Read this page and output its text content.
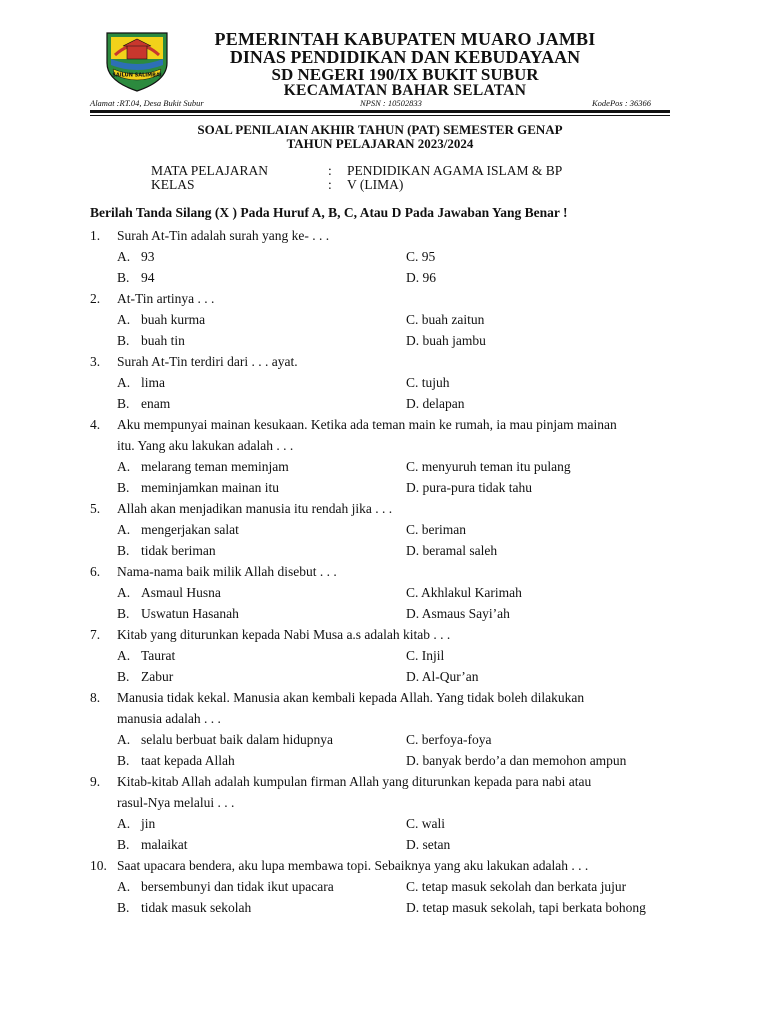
SAILUN SALIMBAI
PEMERINTAH KABUPATEN MUARO JAMBI
DINAS PENDIDIKAN DAN KEBUDAYAAN
SD NEGERI 190/IX BUKIT SUBUR
KECAMATAN BAHAR SELATAN
Alamat :RT.04, Desa Bukit Subur	NPSN : 10502833	KodePos : 36366
SOAL PENILAIAN AKHIR TAHUN (PAT) SEMESTER GENAP
TAHUN PELAJARAN 2023/2024
MATA PELAJARAN	: PENDIDIKAN AGAMA ISLAM & BP
KELAS	: V (LIMA)
Berilah Tanda Silang (X ) Pada Huruf A, B, C, Atau D Pada Jawaban Yang Benar !
1. Surah At-Tin adalah surah yang ke- . . .
A. 93	C. 95
B. 94	D. 96
2. At-Tin artinya . . .
A. buah kurma	C. buah zaitun
B. buah tin	D. buah jambu
3. Surah At-Tin terdiri dari . . . ayat.
A. lima	C. tujuh
B. enam	D. delapan
4. Aku mempunyai mainan kesukaan. Ketika ada teman main ke rumah, ia mau pinjam mainan
itu. Yang aku lakukan adalah . . .
A. melarang teman meminjam	C. menyuruh teman itu pulang
B. meminjamkan mainan itu	D. pura-pura tidak tahu
5. Allah akan menjadikan manusia itu rendah jika . . .
A. mengerjakan salat	C. beriman
B. tidak beriman	D. beramal saleh
6. Nama-nama baik milik Allah disebut . . .
A. Asmaul Husna	C. Akhlakul Karimah
B. Uswatun Hasanah	D. Asmaus Sayi’ah
7. Kitab yang diturunkan kepada Nabi Musa a.s adalah kitab . . .
A. Taurat	C. Injil
B. Zabur	D. Al-Qur’an
8. Manusia tidak kekal. Manusia akan kembali kepada Allah. Yang tidak boleh dilakukan
manusia adalah . . .
A. selalu berbuat baik dalam hidupnya	C. berfoya-foya
B. taat kepada Allah	D. banyak berdo’a dan memohon ampun
9. Kitab-kitab Allah adalah kumpulan firman Allah yang diturunkan kepada para nabi atau
rasul-Nya melalui . . .
A. jin	C. wali
B. malaikat	D. setan
10. Saat upacara bendera, aku lupa membawa topi. Sebaiknya yang aku lakukan adalah . . .
A. bersembunyi dan tidak ikut upacara	C. tetap masuk sekolah dan berkata jujur
B. tidak masuk sekolah	D. tetap masuk sekolah, tapi berkata bohong
